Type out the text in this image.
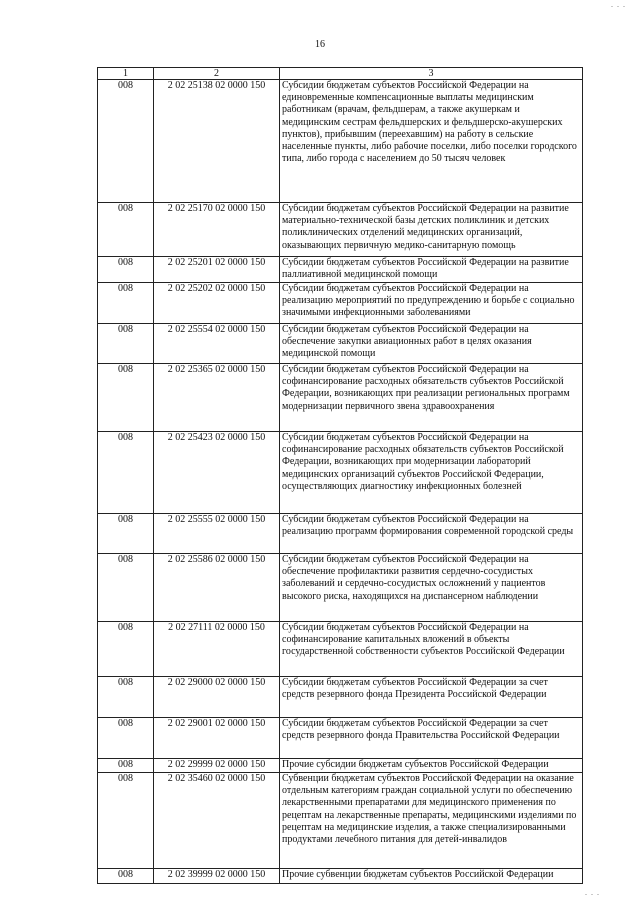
. . .
16
1	2	3
008	2 02 25138 02 0000 150	Субсидии бюджетам субъектов Российской Федерации на единовременные компенсационные выплаты медицинским работникам (врачам, фельдшерам, а также акушеркам и медицинским сестрам фельдшерских и фельдшерско-акушерских пунктов), прибывшим (переехавшим) на работу в сельские населенные пункты, либо рабочие поселки, либо поселки городского типа, либо города с населением до 50 тысяч человек
008	2 02 25170 02 0000 150	Субсидии бюджетам субъектов Российской Федерации на развитие материально-технической базы детских поликлиник и детских поликлинических отделений медицинских организаций, оказывающих первичную медико-санитарную помощь
008	2 02 25201 02 0000 150	Субсидии бюджетам субъектов Российской Федерации на развитие паллиативной медицинской помощи
008	2 02 25202 02 0000 150	Субсидии бюджетам субъектов Российской Федерации на реализацию мероприятий по предупреждению и борьбе с социально значимыми инфекционными заболеваниями
008	2 02 25554 02 0000 150	Субсидии бюджетам субъектов Российской Федерации на обеспечение закупки авиационных работ в целях оказания медицинской помощи
008	2 02 25365 02 0000 150	Субсидии бюджетам субъектов Российской Федерации на софинансирование расходных обязательств субъектов Российской Федерации, возникающих при реализации региональных программ модернизации первичного звена здравоохранения
008	2 02 25423 02 0000 150	Субсидии бюджетам субъектов Российской Федерации на софинансирование расходных обязательств субъектов Российской Федерации, возникающих при модернизации лабораторий медицинских организаций субъектов Российской Федерации, осуществляющих диагностику инфекционных болезней
008	2 02 25555 02 0000 150	Субсидии бюджетам субъектов Российской Федерации на реализацию программ формирования современной городской среды
008	2 02 25586 02 0000 150	Субсидии бюджетам субъектов Российской Федерации на обеспечение профилактики развития сердечно-сосудистых заболеваний и сердечно-сосудистых осложнений у пациентов высокого риска, находящихся на диспансерном наблюдении
008	2 02 27111 02 0000 150	Субсидии бюджетам субъектов Российской Федерации на софинансирование капитальных вложений в объекты государственной собственности субъектов Российской Федерации
008	2 02 29000 02 0000 150	Субсидии бюджетам субъектов Российской Федерации за счет средств резервного фонда Президента Российской Федерации
008	2 02 29001 02 0000 150	Субсидии бюджетам субъектов Российской Федерации за счет средств резервного фонда Правительства Российской Федерации
008	2 02 29999 02 0000 150	Прочие субсидии бюджетам субъектов Российской Федерации
008	2 02 35460 02 0000 150	Субвенции бюджетам субъектов Российской Федерации на оказание отдельным категориям граждан социальной услуги по обеспечению лекарственными препаратами для медицинского применения по рецептам на лекарственные препараты, медицинскими изделиями по рецептам на медицинские изделия, а также специализированными продуктами лечебного питания для детей-инвалидов
008	2 02 39999 02 0000 150	Прочие субвенции бюджетам субъектов Российской Федерации
. . .
